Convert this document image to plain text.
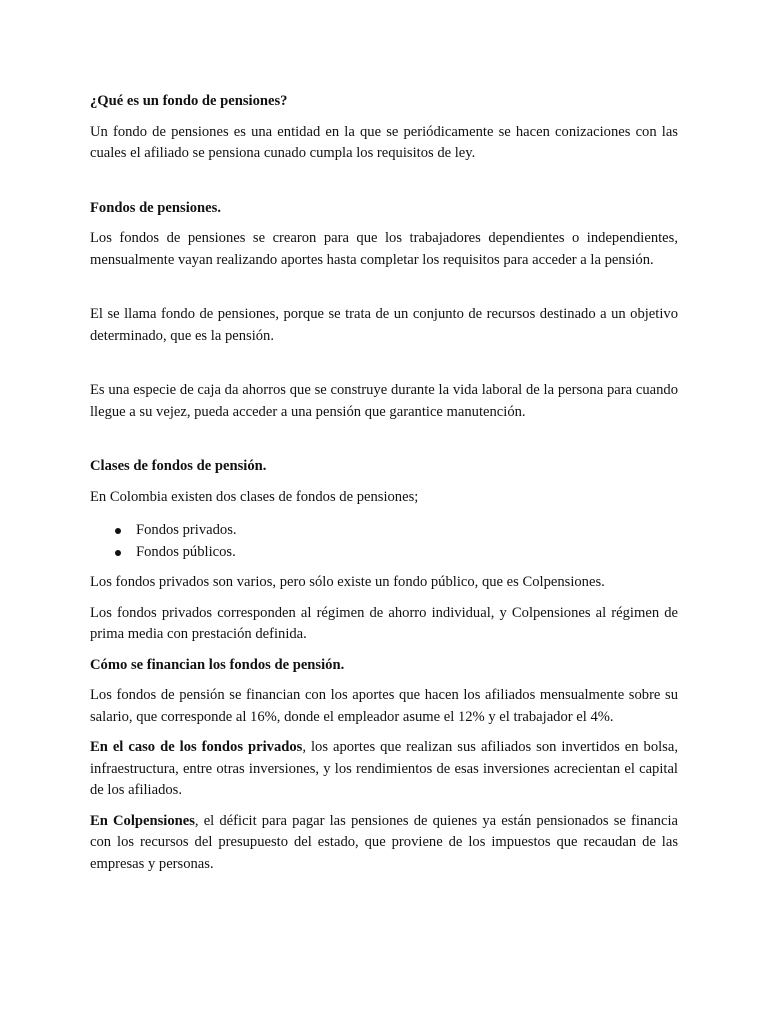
¿Qué es un fondo de pensiones?

Un fondo de pensiones es una entidad en la que se periódicamente se hacen conizaciones con las cuales el afiliado se pensiona cunado cumpla los requisitos de ley.

Fondos de pensiones.

Los fondos de pensiones se crearon para que los trabajadores dependientes o independientes, mensualmente vayan realizando aportes hasta completar los requisitos para acceder a la pensión.

El se llama fondo de pensiones, porque se trata de un conjunto de recursos destinado a un objetivo determinado, que es la pensión.

Es una especie de caja da ahorros que se construye durante la vida laboral de la persona para cuando llegue a su vejez, pueda acceder a una pensión que garantice manutención.

Clases de fondos de pensión.

En Colombia existen dos clases de fondos de pensiones;

Fondos privados.
Fondos públicos.

Los fondos privados son varios, pero sólo existe un fondo público, que es Colpensiones.

Los fondos privados corresponden al régimen de ahorro individual, y Colpensiones al régimen de prima media con prestación definida.

Cómo se financian los fondos de pensión.

Los fondos de pensión se financian con los aportes que hacen los afiliados mensualmente sobre su salario, que corresponde al 16%, donde el empleador asume el 12% y el trabajador el 4%.

En el caso de los fondos privados, los aportes que realizan sus afiliados son invertidos en bolsa, infraestructura, entre otras inversiones, y los rendimientos de esas inversiones acrecientan el capital de los afiliados.

En Colpensiones, el déficit para pagar las pensiones de quienes ya están pensionados se financia con los recursos del presupuesto del estado, que proviene de los impuestos que recaudan de las empresas y personas.
